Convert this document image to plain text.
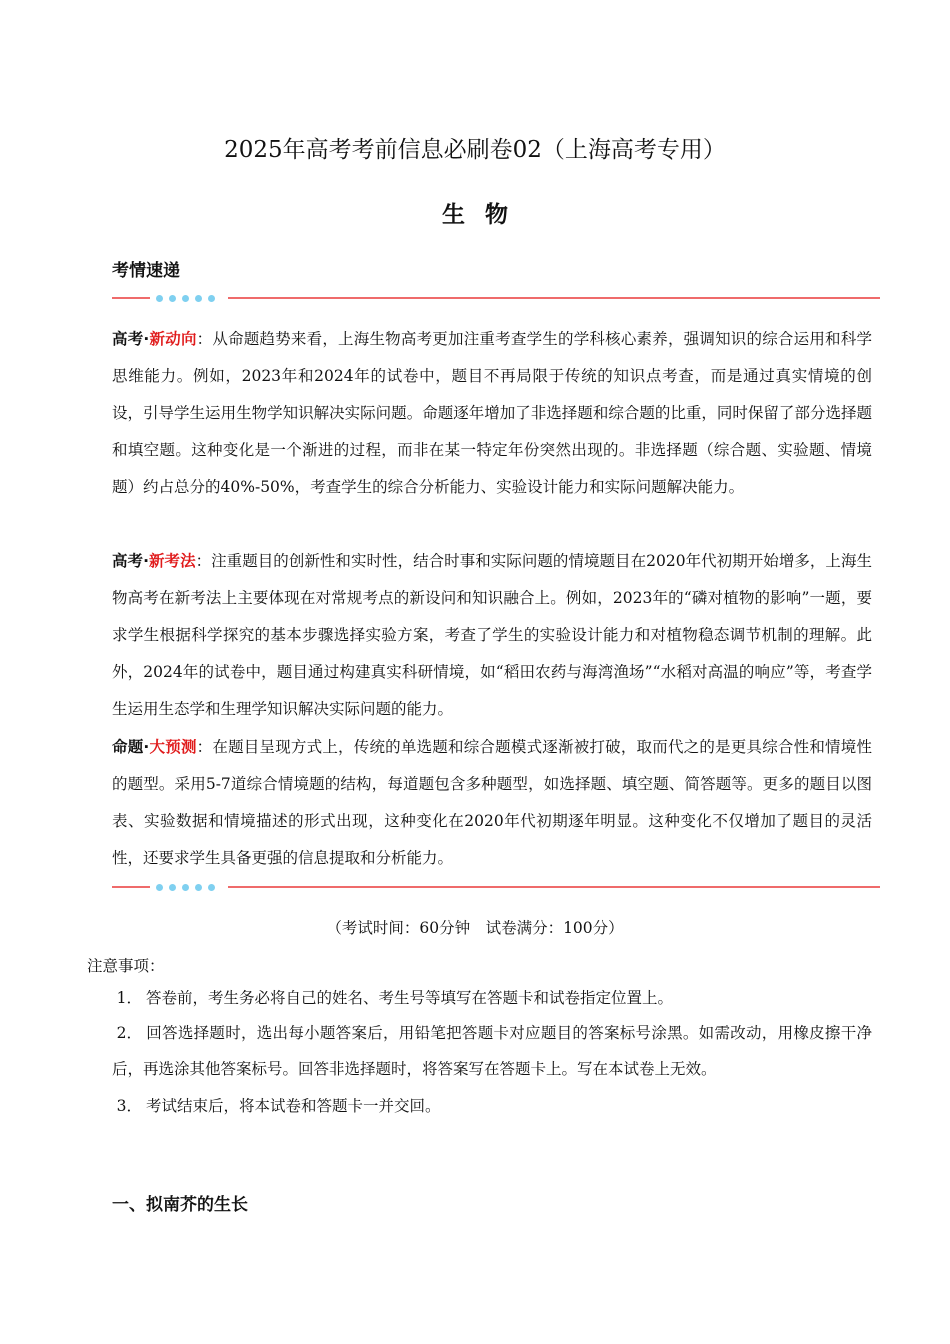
2025年高考考前信息必刷卷02（上海高考专用）
生物
考情速递
高考·新动向：从命题趋势来看，上海生物高考更加注重考查学生的学科核心素养，强调知识的综合运用和科学思维能力。例如，2023年和2024年的试卷中，题目不再局限于传统的知识点考查，而是通过真实情境的创设，引导学生运用生物学知识解决实际问题。命题逐年增加了非选择题和综合题的比重，同时保留了部分选择题和填空题。这种变化是一个渐进的过程，而非在某一特定年份突然出现的。非选择题（综合题、实验题、情境题）约占总分的40%-50%，考查学生的综合分析能力、实验设计能力和实际问题解决能力。
高考·新考法：注重题目的创新性和实时性，结合时事和实际问题的情境题目在2020年代初期开始增多，上海生物高考在新考法上主要体现在对常规考点的新设问和知识融合上。例如，2023年的“磷对植物的影响”一题，要求学生根据科学探究的基本步骤选择实验方案，考查了学生的实验设计能力和对植物稳态调节机制的理解。此外，2024年的试卷中，题目通过构建真实科研情境，如“稻田农药与海湾渔场”“水稻对高温的响应”等，考查学生运用生态学和生理学知识解决实际问题的能力。
命题·大预测：在题目呈现方式上，传统的单选题和综合题模式逐渐被打破，取而代之的是更具综合性和情境性的题型。采用5-7道综合情境题的结构，每道题包含多种题型，如选择题、填空题、简答题等。更多的题目以图表、实验数据和情境描述的形式出现，这种变化在2020年代初期逐年明显。这种变化不仅增加了题目的灵活性，还要求学生具备更强的信息提取和分析能力。
（考试时间：60分钟　试卷满分：100分）
注意事项：
1． 答卷前，考生务必将自己的姓名、考生号等填写在答题卡和试卷指定位置上。
2． 回答选择题时，选出每小题答案后，用铅笔把答题卡对应题目的答案标号涂黑。如需改动，用橡皮擦干净后，再选涂其他答案标号。回答非选择题时，将答案写在答题卡上。写在本试卷上无效。
3． 考试结束后，将本试卷和答题卡一并交回。
一、拟南芥的生长
